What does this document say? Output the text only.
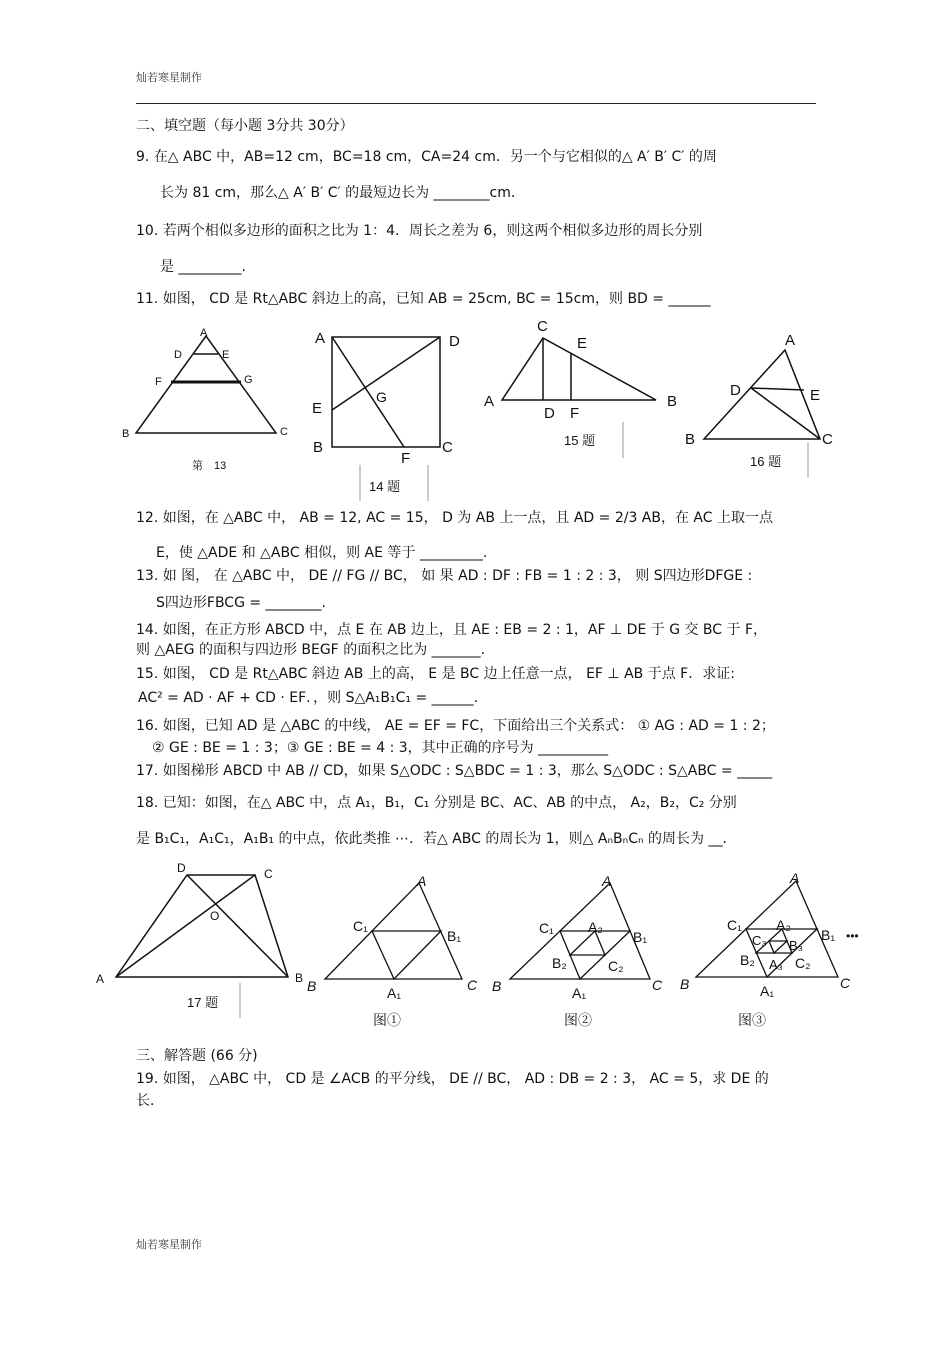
灿若寒星制作
灿若寒星制作
二、填空题（每小题 3分共 30分）
9. 在△ ABC 中，AB=12 cm，BC=18 cm，CA=24 cm．另一个与它相似的△ A′ B′ C′ 的周
长为 81 cm，那么△ A′ B′ C′ 的最短边长为 ________cm．
10. 若两个相似多边形的面积之比为 1：4．周长之差为 6，则这两个相似多边形的周长分别
是 _________.
11. 如图， CD 是 Rt△ABC 斜边上的高，已知 AB = 25cm, BC = 15cm，则 BD = ______
A
D	E
F	G
B	C
第　13
A	D
G
E
B	C
F
14 题
C
E
A	B
D F
15 题
A
D	E
B	C
16 题
12. 如图，在 △ABC 中， AB = 12, AC = 15， D 为 AB 上一点，且 AD = 2/3 AB，在 AC 上取一点
E，使 △ADE 和 △ABC 相似，则 AE 等于 _________.
13. 如 图， 在 △ABC 中， DE // FG // BC， 如 果 AD : DF : FB = 1 : 2 : 3， 则 S四边形DFGE :
S四边形FBCG = ________.
14. 如图，在正方形 ABCD 中，点 E 在 AB 边上，且 AE : EB = 2 : 1，AF ⊥ DE 于 G 交 BC 于 F，
则 △AEG 的面积与四边形 BEGF 的面积之比为 _______.
15. 如图， CD 是 Rt△ABC 斜边 AB 上的高， E 是 BC 边上任意一点， EF ⊥ AB 于点 F．求证:
AC² = AD · AF + CD · EF．，则 S△A₁B₁C₁ = ______.
16. 如图，已知 AD 是 △ABC 的中线， AE = EF = FC，下面给出三个关系式： ① AG : AD = 1 : 2；
② GE : BE = 1 : 3；③ GE : BE = 4 : 3，其中正确的序号为 __________
17. 如图梯形 ABCD 中 AB // CD，如果 S△ODC : S△BDC = 1 : 3，那么 S△ODC : S△ABC = _____
18. 已知：如图，在△ ABC 中，点 A₁，B₁，C₁ 分别是 BC、AC、AB 的中点， A₂，B₂，C₂ 分别
是 B₁C₁，A₁C₁，A₁B₁ 的中点，依此类推 ⋯．若△ ABC 的周长为 1，则△ AₙBₙCₙ 的周长为 __．
D	C
O
A	B
17 题
A
C₁
B₁
B	C
A₁
图①
A
C₁ A₂
B₁
B₂	C₂
B	C
A₁
图②
A
C₁ A₂
C₃ B₃
B₁ •••
B₂ A₃ C₂
B	C
A₁
图③
三、解答题 (66 分)
19. 如图， △ABC 中， CD 是 ∠ACB 的平分线， DE // BC， AD : DB = 2 : 3， AC = 5，求 DE 的
长．
